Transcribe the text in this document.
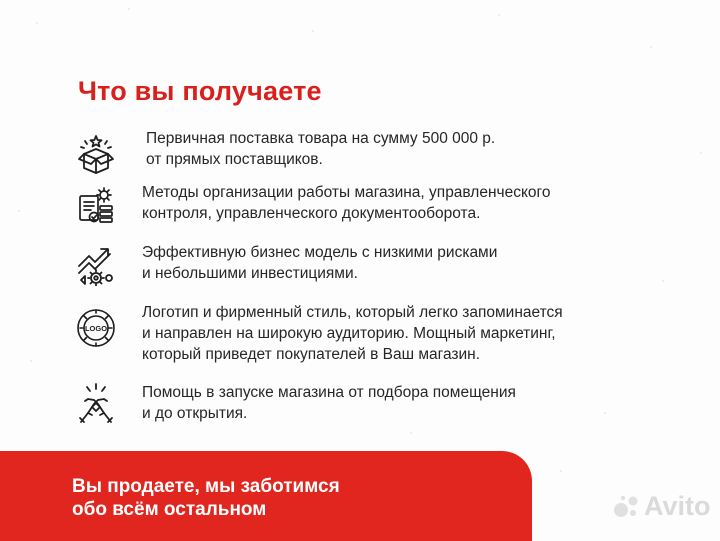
Что вы получаете

Первичная поставка товара на сумму 500 000 р.
от прямых поставщиков.

Методы организации работы магазина, управленческого
контроля, управленческого документооборота.

Эффективную бизнес модель с низкими рисками
и небольшими инвестициями.

LOGO

Логотип и фирменный стиль, который легко запоминается
и направлен на широкую аудиторию. Мощный маркетинг,
который приведет покупателей в Ваш магазин.

Помощь в запуске магазина от подбора помещения
и до открытия.

Вы продаете, мы заботимся
обо всём остальном	Avito
